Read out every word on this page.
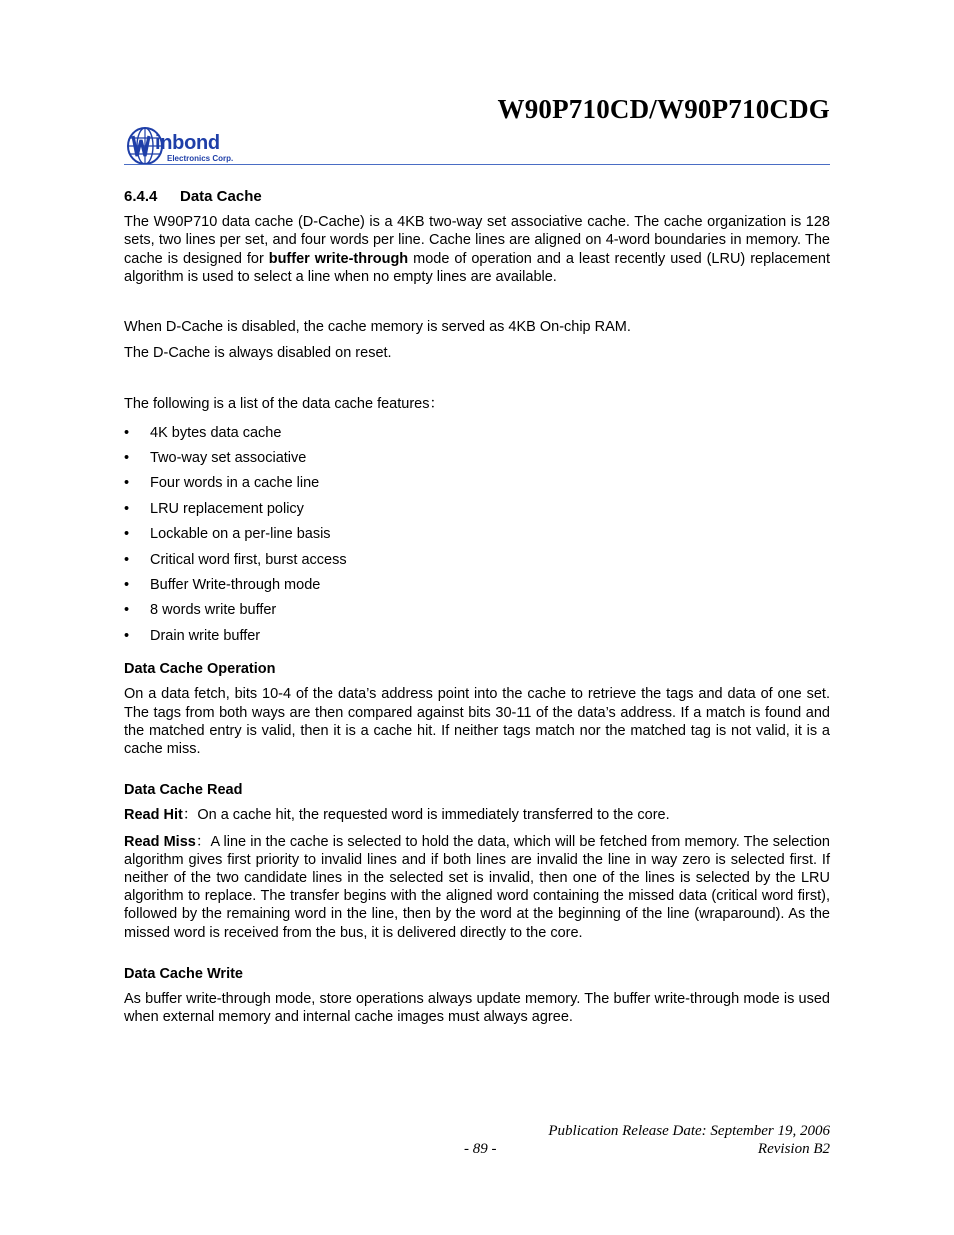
W90P710CD/W90P710CDG
inbond
Electronics Corp.
6.4.4 Data Cache

The W90P710 data cache (D-Cache) is a 4KB two-way set associative cache. The cache organization is 128 sets, two lines per set, and four words per line. Cache lines are aligned on 4-word boundaries in memory. The cache is designed for buffer write-through mode of operation and a least recently used (LRU) replacement algorithm is used to select a line when no empty lines are available.

When D-Cache is disabled, the cache memory is served as 4KB On-chip RAM.

The D-Cache is always disabled on reset.

The following is a list of the data cache features：

• 4K bytes data cache
• Two-way set associative
• Four words in a cache line
• LRU replacement policy
• Lockable on a per-line basis
• Critical word first, burst access
• Buffer Write-through mode
• 8 words write buffer
• Drain write buffer
Data Cache Operation

On a data fetch, bits 10-4 of the data’s address point into the cache to retrieve the tags and data of one set. The tags from both ways are then compared against bits 30-11 of the data’s address. If a match is found and the matched entry is valid, then it is a cache hit. If neither tags match nor the matched tag is not valid, it is a cache miss.

Data Cache Read

Read Hit：On a cache hit, the requested word is immediately transferred to the core.

Read Miss：A line in the cache is selected to hold the data, which will be fetched from memory. The selection algorithm gives first priority to invalid lines and if both lines are invalid the line in way zero is selected first. If neither of the two candidate lines in the selected set is invalid, then one of the lines is selected by the LRU algorithm to replace. The transfer begins with the aligned word containing the missed data (critical word first), followed by the remaining word in the line, then by the word at the beginning of the line (wraparound). As the missed word is received from the bus, it is delivered directly to the core.

Data Cache Write

As buffer write-through mode, store operations always update memory. The buffer write-through mode is used when external memory and internal cache images must always agree.

Publication Release Date: September 19, 2006
- 89 -	Revision B2
